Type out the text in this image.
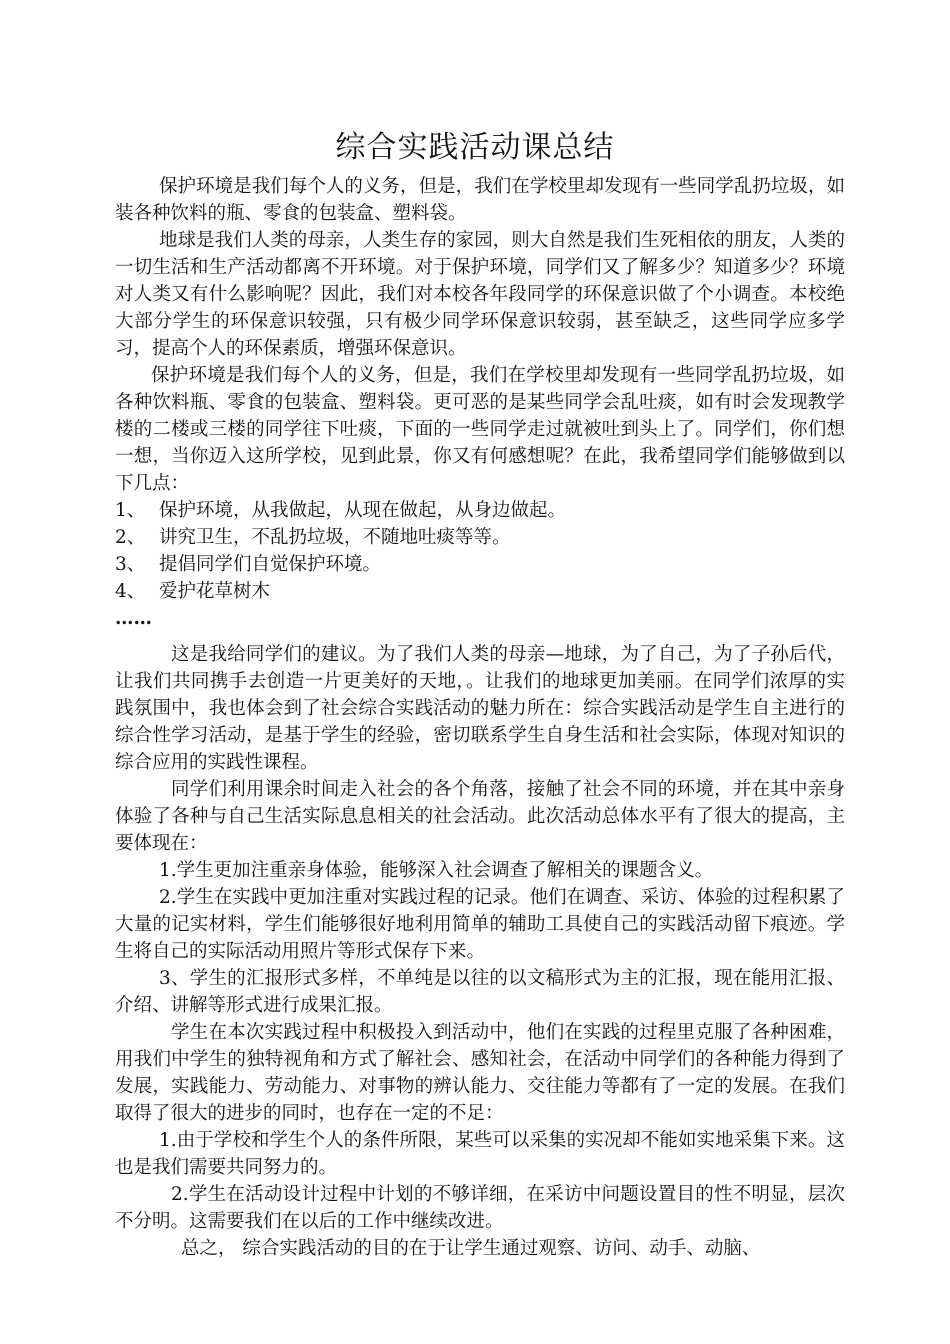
综合实践活动课总结

保护环境是我们每个人的义务，但是，我们在学校里却发现有一些同学乱扔垃圾，如装各种饮料的瓶、零食的包装盒、塑料袋。

地球是我们人类的母亲，人类生存的家园，则大自然是我们生死相依的朋友，人类的一切生活和生产活动都离不开环境。对于保护环境，同学们又了解多少？知道多少？环境对人类又有什么影响呢？因此，我们对本校各年段同学的环保意识做了个小调查。本校绝大部分学生的环保意识较强，只有极少同学环保意识较弱，甚至缺乏，这些同学应多学习，提高个人的环保素质，增强环保意识。

保护环境是我们每个人的义务，但是，我们在学校里却发现有一些同学乱扔垃圾，如各种饮料瓶、零食的包装盒、塑料袋。更可恶的是某些同学会乱吐痰，如有时会发现教学楼的二楼或三楼的同学往下吐痰，下面的一些同学走过就被吐到头上了。同学们，你们想一想，当你迈入这所学校，见到此景，你又有何感想呢？在此，我希望同学们能够做到以下几点：

1、 保护环境，从我做起，从现在做起，从身边做起。
2、 讲究卫生，不乱扔垃圾，不随地吐痰等等。
3、 提倡同学们自觉保护环境。
4、 爱护花草树木

……

这是我给同学们的建议。为了我们人类的母亲—地球，为了自己，为了子孙后代，让我们共同携手去创造一片更美好的天地，。让我们的地球更加美丽。在同学们浓厚的实践氛围中，我也体会到了社会综合实践活动的魅力所在：综合实践活动是学生自主进行的综合性学习活动，是基于学生的经验，密切联系学生自身生活和社会实际，体现对知识的综合应用的实践性课程。

同学们利用课余时间走入社会的各个角落，接触了社会不同的环境，并在其中亲身体验了各种与自己生活实际息息相关的社会活动。此次活动总体水平有了很大的提高，主要体现在：

1.学生更加注重亲身体验，能够深入社会调查了解相关的课题含义。

2.学生在实践中更加注重对实践过程的记录。他们在调查、采访、体验的过程积累了大量的记实材料，学生们能够很好地利用简单的辅助工具使自己的实践活动留下痕迹。学生将自己的实际活动用照片等形式保存下来。

3、学生的汇报形式多样，不单纯是以往的以文稿形式为主的汇报，现在能用汇报、介绍、讲解等形式进行成果汇报。

学生在本次实践过程中积极投入到活动中，他们在实践的过程里克服了各种困难，用我们中学生的独特视角和方式了解社会、感知社会，在活动中同学们的各种能力得到了发展，实践能力、劳动能力、对事物的辨认能力、交往能力等都有了一定的发展。在我们取得了很大的进步的同时，也存在一定的不足：

1.由于学校和学生个人的条件所限，某些可以采集的实况却不能如实地采集下来。这也是我们需要共同努力的。

2.学生在活动设计过程中计划的不够详细，在采访中问题设置目的性不明显，层次不分明。这需要我们在以后的工作中继续改进。

总之， 综合实践活动的目的在于让学生通过观察、访问、动手、动脑、
